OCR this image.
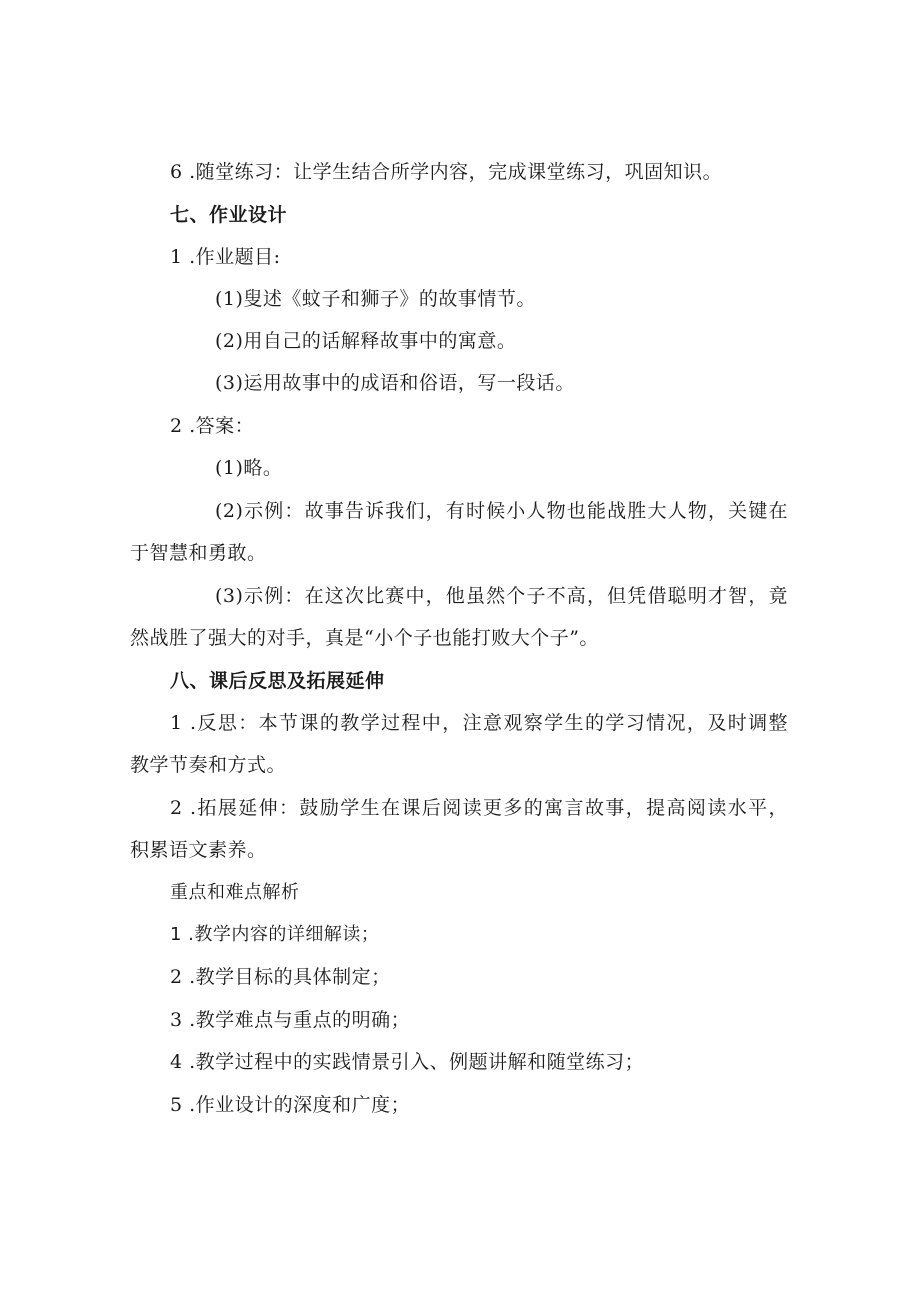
6 .随堂练习：让学生结合所学内容，完成课堂练习，巩固知识。
七、作业设计
1 .作业题目:
(1)叟述《蚊子和狮子》的故事情节。
(2)用自己的话解释故事中的寓意。
(3)运用故事中的成语和俗语，写一段话。
2 .答案：
(1)略。
(2)示例：故事告诉我们，有时候小人物也能战胜大人物，关键在
于智慧和勇敢。
(3)示例：在这次比赛中，他虽然个子不高，但凭借聪明才智，竟
然战胜了强大的对手，真是“小个子也能打败大个子”。
八、课后反思及拓展延伸
1 .反思：本节课的教学过程中，注意观察学生的学习情况，及时调整
教学节奏和方式。
2 .拓展延伸：鼓励学生在课后阅读更多的寓言故事，提高阅读水平，
积累语文素养。
重点和难点解析
1 .教学内容的详细解读；
2 .教学目标的具体制定；
3 .教学难点与重点的明确；
4 .教学过程中的实践情景引入、例题讲解和随堂练习；
5 .作业设计的深度和广度；
